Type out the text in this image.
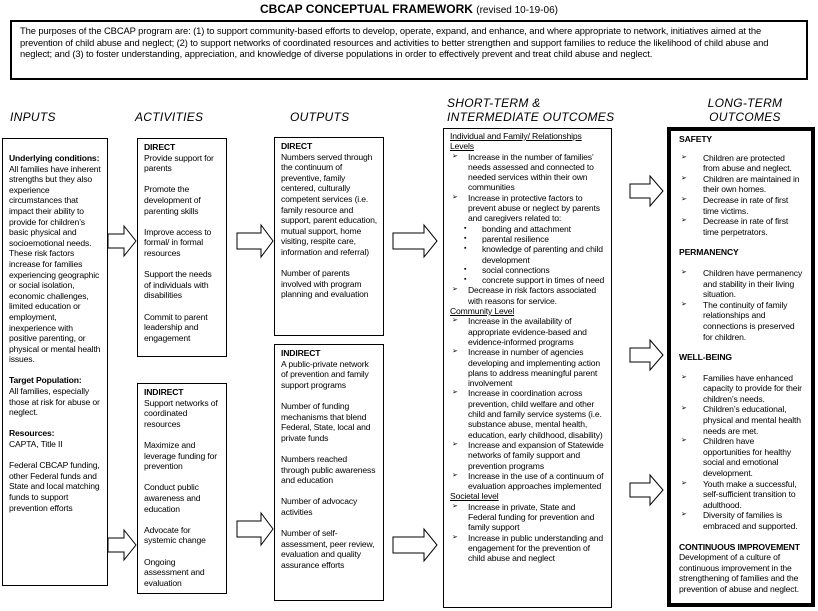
CBCAP CONCEPTUAL FRAMEWORK (revised 10-19-06)
The purposes of the CBCAP program are: (1) to support community-based efforts to develop, operate, expand, and enhance, and where appropriate to network, initiatives aimed at the prevention of child abuse and neglect; (2) to support networks of coordinated resources and activities to better strengthen and support families to reduce the likelihood of child abuse and neglect; and (3) to foster understanding, appreciation, and knowledge of diverse populations in order to effectively prevent and treat child abuse and neglect.
INPUTS	ACTIVITIES	OUTPUTS
SHORT-TERM &
INTERMEDIATE OUTCOMES
LONG-TERM
OUTCOMES
Underlying conditions:

All families have inherent strengths but they also experience circumstances that impact their ability to provide for children’s basic physical and socioemotional needs. These risk factors increase for families experiencing geographic or social isolation, economic challenges, limited education or employment, inexperience with positive parenting, or physical or mental health issues.

Target Population:

All families, especially those at risk for abuse or neglect.

Resources:

CAPTA, Title II

Federal CBCAP funding, other Federal funds and State and local matching funds to support prevention efforts

DIRECT

Provide support for parents

Promote the development of parenting skills

Improve access to formal/ in formal resources

Support the needs of individuals with disabilities

Commit to parent leadership and engagement

INDIRECT

Support networks of coordinated resources

Maximize and leverage funding for prevention

Conduct public awareness and education

Advocate for systemic change

Ongoing assessment and evaluation

DIRECT

Numbers served through the continuum of preventive, family centered, culturally competent services (i.e. family resource and support, parent education, mutual support, home visiting, respite care, information and referral)

Number of parents involved with program planning and evaluation

INDIRECT

A public-private network of prevention and family support programs

Number of funding mechanisms that blend Federal, State, local and private funds

Numbers reached through public awareness and education

Number of advocacy activities

Number of self-assessment, peer review, evaluation and quality assurance efforts

Individual and Family/ Relationships Levels
➢ Increase in the number of families’ needs assessed and connected to needed services within their own communities
➢ Increase in protective factors to prevent abuse or neglect by parents and caregivers related to:
▪ bonding and attachment
▪ parental resilience
▪ knowledge of parenting and child development
▪ social connections
▪ concrete support in times of need
➢ Decrease in risk factors associated with reasons for service.
Community Level
➢ Increase in the availability of appropriate evidence-based and evidence-informed programs
➢ Increase in number of agencies developing and implementing action plans to address meaningful parent involvement
➢ Increase in coordination across prevention, child welfare and other child and family service systems (i.e. substance abuse, mental health, education, early childhood, disability)
➢ Increase and expansion of Statewide networks of family support and prevention programs
➢ Increase in the use of a continuum of evaluation approaches implemented
Societal level
➢ Increase in private, State and Federal funding for prevention and family support
➢ Increase in public understanding and engagement for the prevention of child abuse and neglect
SAFETY
➢ Children are protected from abuse and neglect.
➢ Children are maintained in their own homes.
➢ Decrease in rate of first time victims.
➢ Decrease in rate of first time perpetrators.
PERMANENCY
➢ Children have permanency and stability in their living situation.
➢ The continuity of family relationships and connections is preserved for children.
WELL-BEING
➢ Families have enhanced capacity to provide for their children’s needs.
➢ Children’s educational, physical and mental health needs are met.
➢ Children have opportunities for healthy social and emotional development.
➢ Youth make a successful, self-sufficient transition to adulthood.
➢ Diversity of families is embraced and supported.
CONTINUOUS IMPROVEMENT
Development of a culture of continuous improvement in the strengthening of families and the prevention of abuse and neglect.
